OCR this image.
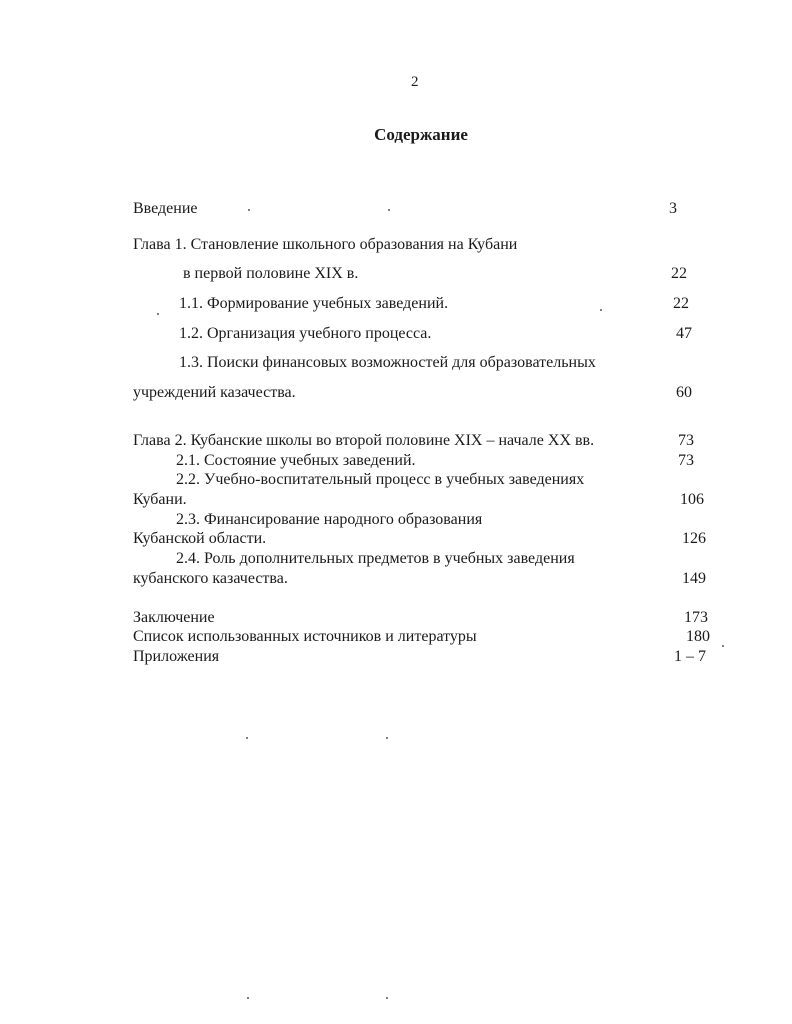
2
Содержание
Введение	3
Глава 1. Становление школьного образования на Кубани
в первой половине XIX в.	22
1.1. Формирование учебных заведений.	22
1.2. Организация учебного процесса.	47
1.3. Поиски финансовых возможностей для образовательных
учреждений казачества.	60
Глава 2. Кубанские школы во второй половине XIX – начале XX вв.	73
2.1. Состояние учебных заведений.	73
2.2. Учебно-воспитательный процесс в учебных заведениях
Кубани.	106
2.3. Финансирование народного образования
Кубанской области.	126
2.4. Роль дополнительных предметов в учебных заведения
кубанского казачества.	149
Заключение	173
Список использованных источников и литературы	180
Приложения	1 – 7
